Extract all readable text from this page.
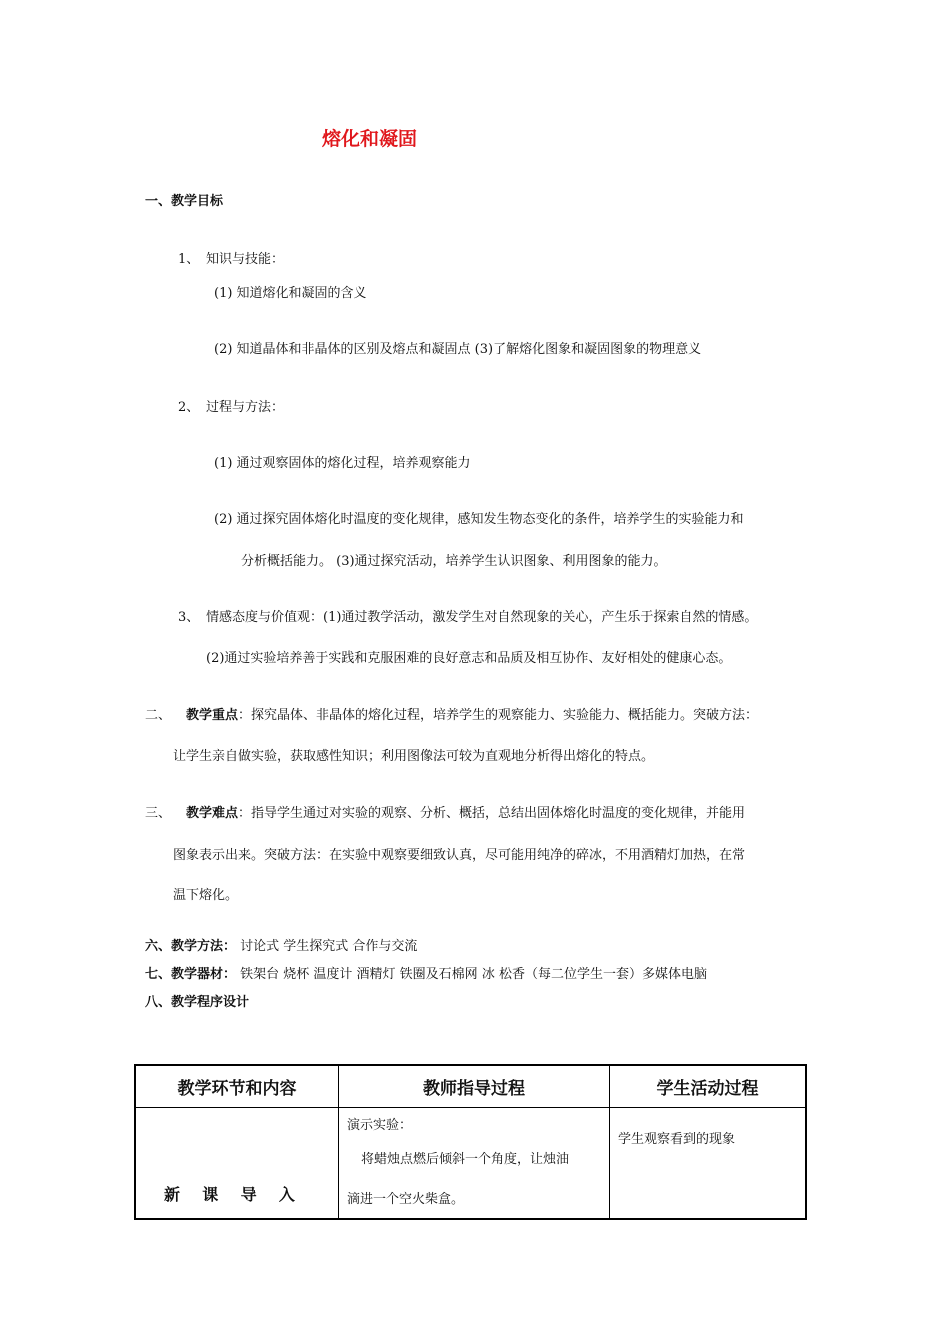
熔化和凝固
一、教学目标
1、 知识与技能：
(1) 知道熔化和凝固的含义
(2) 知道晶体和非晶体的区别及熔点和凝固点 (3)了解熔化图象和凝固图象的物理意义
2、 过程与方法：
(1) 通过观察固体的熔化过程，培养观察能力
(2) 通过探究固体熔化时温度的变化规律，感知发生物态变化的条件，培养学生的实验能力和
分析概括能力。 (3)通过探究活动，培养学生认识图象、利用图象的能力。
3、 情感态度与价值观：(1)通过教学活动，激发学生对自然现象的关心，产生乐于探索自然的情感。
(2)通过实验培养善于实践和克服困难的良好意志和品质及相互协作、友好相处的健康心态。
二、 教学重点：探究晶体、非晶体的熔化过程，培养学生的观察能力、实验能力、概括能力。突破方法：
让学生亲自做实验，获取感性知识；利用图像法可较为直观地分析得出熔化的特点。
三、 教学难点：指导学生通过对实验的观察、分析、概括，总结出固体熔化时温度的变化规律，并能用
图象表示出来。突破方法：在实验中观察要细致认真，尽可能用纯净的碎冰，不用酒精灯加热，在常
温下熔化。
六、教学方法： 讨论式 学生探究式 合作与交流
七、教学器材： 铁架台 烧杯 温度计 酒精灯 铁圈及石棉网 冰 松香（每二位学生一套）多媒体电脑
八、教学程序设计
教学环节和内容	教师指导过程	学生活动过程

新    课    导    入	演示实验：
将蜡烛点燃后倾斜一个角度，让烛油
滴进一个空火柴盒。	学生观察看到的现象
